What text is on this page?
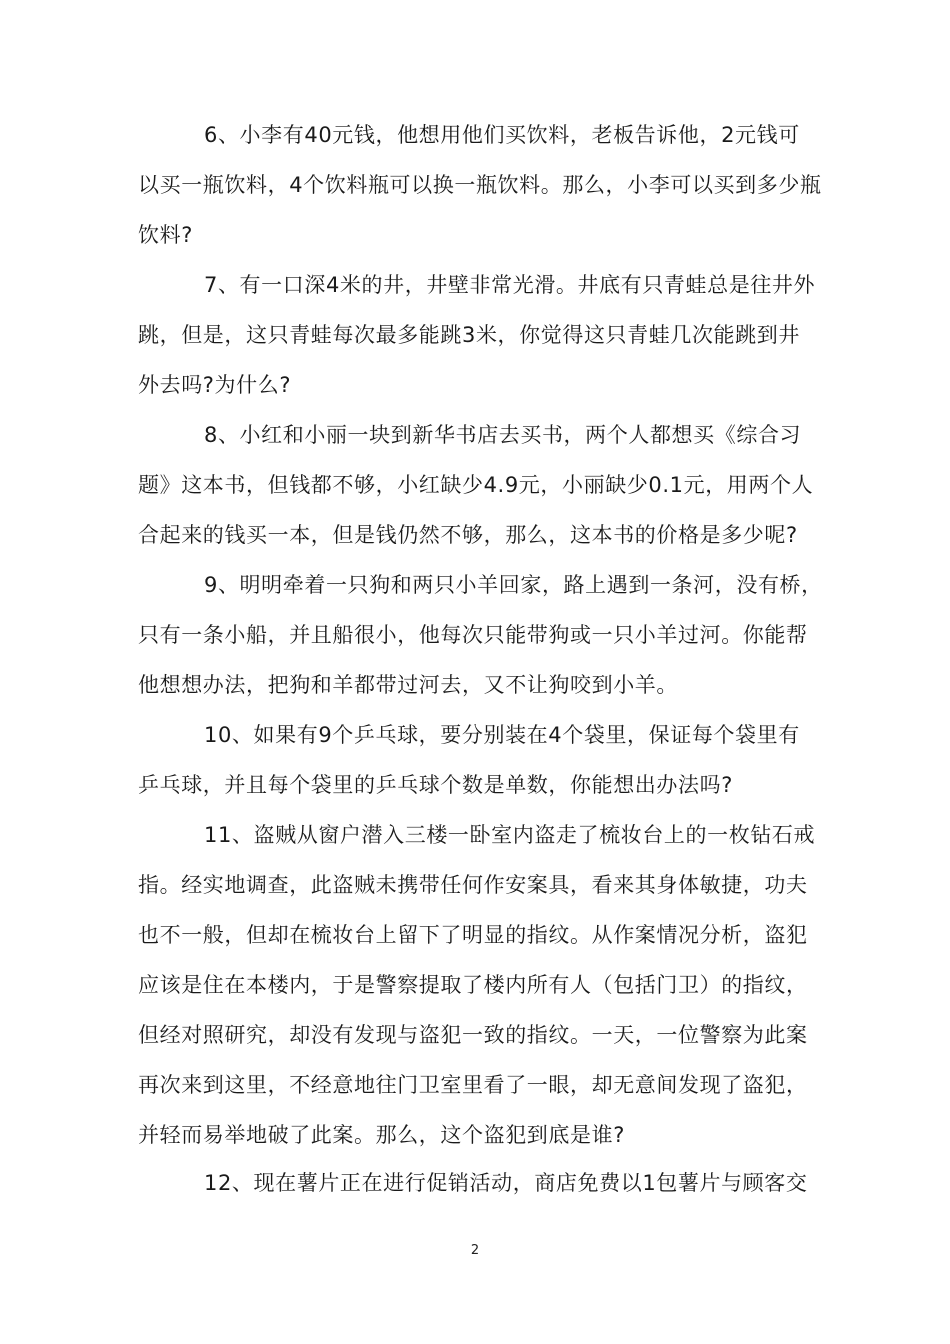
6、小李有40元钱，他想用他们买饮料，老板告诉他，2元钱可
以买一瓶饮料，4个饮料瓶可以换一瓶饮料。那么，小李可以买到多少瓶
饮料?
7、有一口深4米的井，井壁非常光滑。井底有只青蛙总是往井外
跳，但是，这只青蛙每次最多能跳3米，你觉得这只青蛙几次能跳到井
外去吗?为什么?
8、小红和小丽一块到新华书店去买书，两个人都想买《综合习
题》这本书，但钱都不够，小红缺少4.9元，小丽缺少0.1元，用两个人
合起来的钱买一本，但是钱仍然不够，那么，这本书的价格是多少呢?
9、明明牵着一只狗和两只小羊回家，路上遇到一条河，没有桥，
只有一条小船，并且船很小，他每次只能带狗或一只小羊过河。你能帮
他想想办法，把狗和羊都带过河去，又不让狗咬到小羊。
10、如果有9个乒乓球，要分别装在4个袋里，保证每个袋里有
乒乓球，并且每个袋里的乒乓球个数是单数，你能想出办法吗?
11、盗贼从窗户潜入三楼一卧室内盗走了梳妆台上的一枚钻石戒
指。经实地调查，此盗贼未携带任何作安案具，看来其身体敏捷，功夫
也不一般，但却在梳妆台上留下了明显的指纹。从作案情况分析，盗犯
应该是住在本楼内，于是警察提取了楼内所有人（包括门卫）的指纹，
但经对照研究，却没有发现与盗犯一致的指纹。一天，一位警察为此案
再次来到这里，不经意地往门卫室里看了一眼，却无意间发现了盗犯，
并轻而易举地破了此案。那么，这个盗犯到底是谁?
12、现在薯片正在进行促销活动，商店免费以1包薯片与顾客交
2
